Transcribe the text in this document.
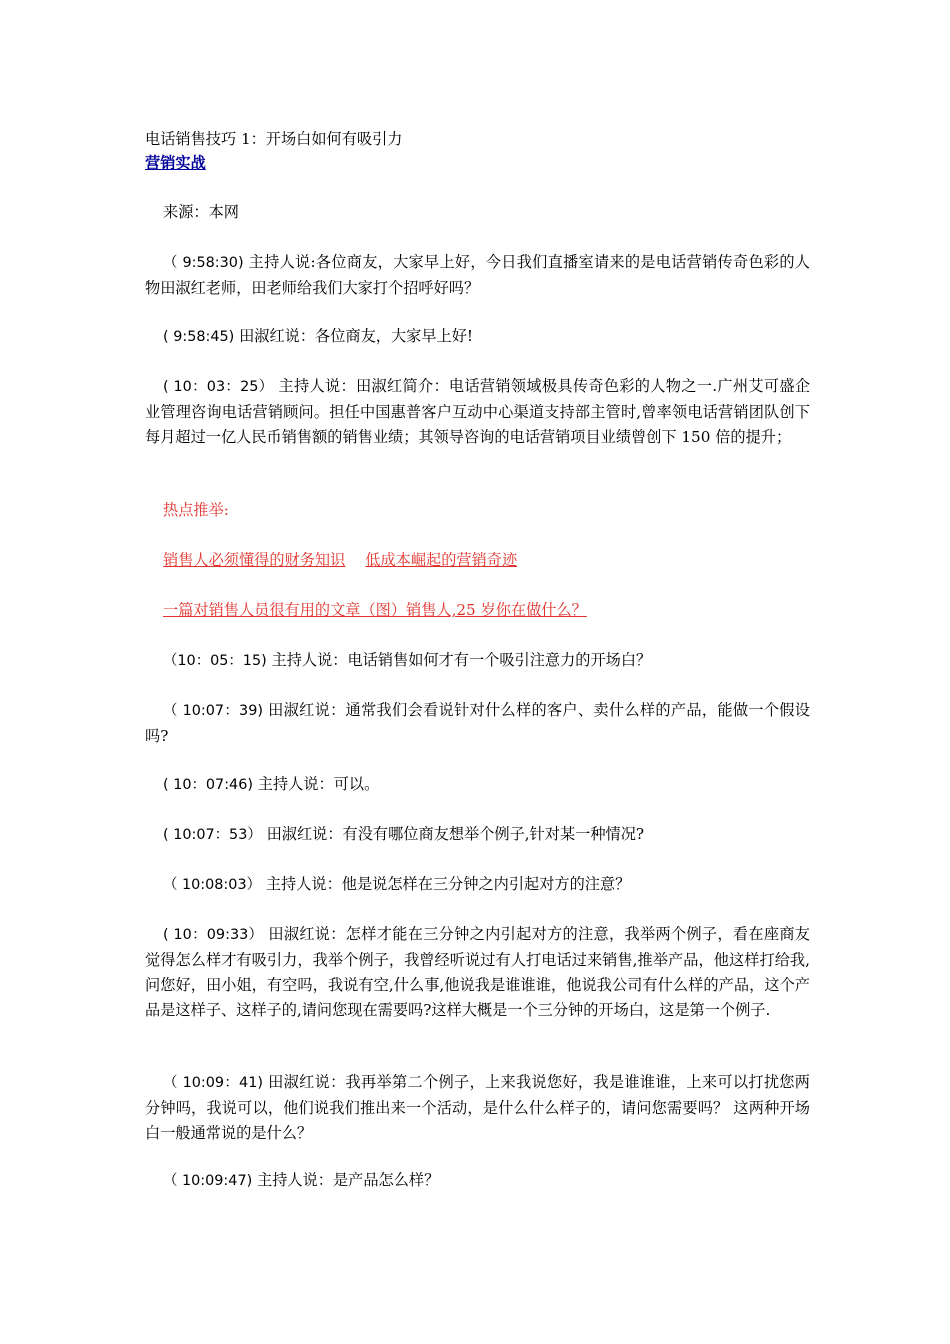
电话销售技巧 1：开场白如何有吸引力
营销实战

来源：本网

（ 9:58:30) 主持人说:各位商友，大家早上好，今日我们直播室请来的是电话营销传奇色彩的人物田淑红老师，田老师给我们大家打个招呼好吗？

( 9:58:45) 田淑红说：各位商友，大家早上好!

( 10：03：25） 主持人说：田淑红简介：电话营销领域极具传奇色彩的人物之一.广州艾可盛企业管理咨询电话营销顾问。担任中国惠普客户互动中心渠道支持部主管时,曾率领电话营销团队创下每月超过一亿人民币销售额的销售业绩；其领导咨询的电话营销项目业绩曾创下 150 倍的提升；

热点推举:

销售人必须懂得的财务知识 低成本崛起的营销奇迹

一篇对销售人员很有用的文章（图）销售人,25 岁你在做什么？

（10：05：15) 主持人说：电话销售如何才有一个吸引注意力的开场白？

（ 10:07：39) 田淑红说：通常我们会看说针对什么样的客户、卖什么样的产品，能做一个假设吗?

( 10：07:46) 主持人说：可以。

( 10:07：53） 田淑红说：有没有哪位商友想举个例子,针对某一种情况?

（ 10:08:03） 主持人说：他是说怎样在三分钟之内引起对方的注意？

( 10：09:33） 田淑红说：怎样才能在三分钟之内引起对方的注意，我举两个例子，看在座商友觉得怎么样才有吸引力，我举个例子，我曾经听说过有人打电话过来销售,推举产品，他这样打给我,问您好，田小姐，有空吗，我说有空,什么事,他说我是谁谁谁，他说我公司有什么样的产品，这个产品是这样子、这样子的,请问您现在需要吗?这样大概是一个三分钟的开场白，这是第一个例子.

（ 10:09：41) 田淑红说：我再举第二个例子，上来我说您好，我是谁谁谁，上来可以打扰您两分钟吗，我说可以，他们说我们推出来一个活动，是什么什么样子的，请问您需要吗？ 这两种开场白一般通常说的是什么？

（ 10:09:47) 主持人说：是产品怎么样？
